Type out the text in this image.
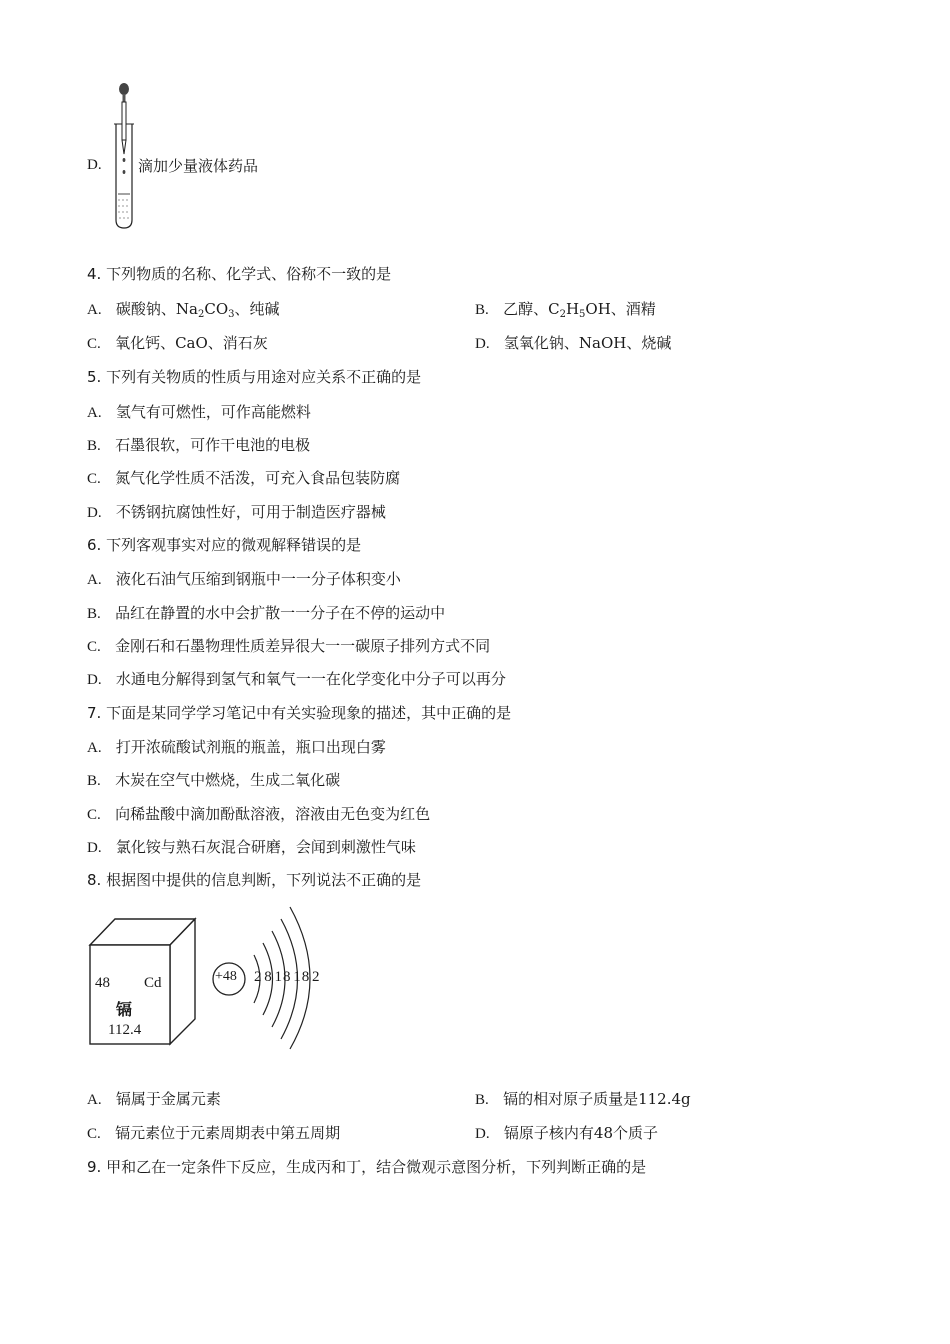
D. 滴加少量液体药品
4. 下列物质的名称、化学式、俗称不一致的是
A. 碳酸钠、$Na_2CO_3$、纯碱	B. 乙醇、$C_2H_5OH$、酒精
C. 氧化钙、CaO、消石灰	D. 氢氧化钠、NaOH、烧碱
5. 下列有关物质的性质与用途对应关系不正确的是
A. 氢气有可燃性，可作高能燃料
B. 石墨很软，可作干电池的电极
C. 氮气化学性质不活泼，可充入食品包装防腐
D. 不锈钢抗腐蚀性好，可用于制造医疗器械
6. 下列客观事实对应的微观解释错误的是
A. 液化石油气压缩到钢瓶中一一分子体积变小
B. 品红在静置的水中会扩散一一分子在不停的运动中
C. 金刚石和石墨物理性质差异很大一一碳原子排列方式不同
D. 水通电分解得到氢气和氧气一一在化学变化中分子可以再分
7. 下面是某同学学习笔记中有关实验现象的描述，其中正确的是
A. 打开浓硫酸试剂瓶的瓶盖，瓶口出现白雾
B. 木炭在空气中燃烧，生成二氧化碳
C. 向稀盐酸中滴加酚酞溶液，溶液由无色变为红色
D. 氯化铵与熟石灰混合研磨，会闻到刺激性气味
8. 根据图中提供的信息判断，下列说法不正确的是
48 Cd
镉
112.4
+48 2 8 18 18 2
A. 镉属于金属元素	B. 镉的相对原子质量是112.4g
C. 镉元素位于元素周期表中第五周期	D. 镉原子核内有48个质子
9. 甲和乙在一定条件下反应，生成丙和丁，结合微观示意图分析，下列判断正确的是
